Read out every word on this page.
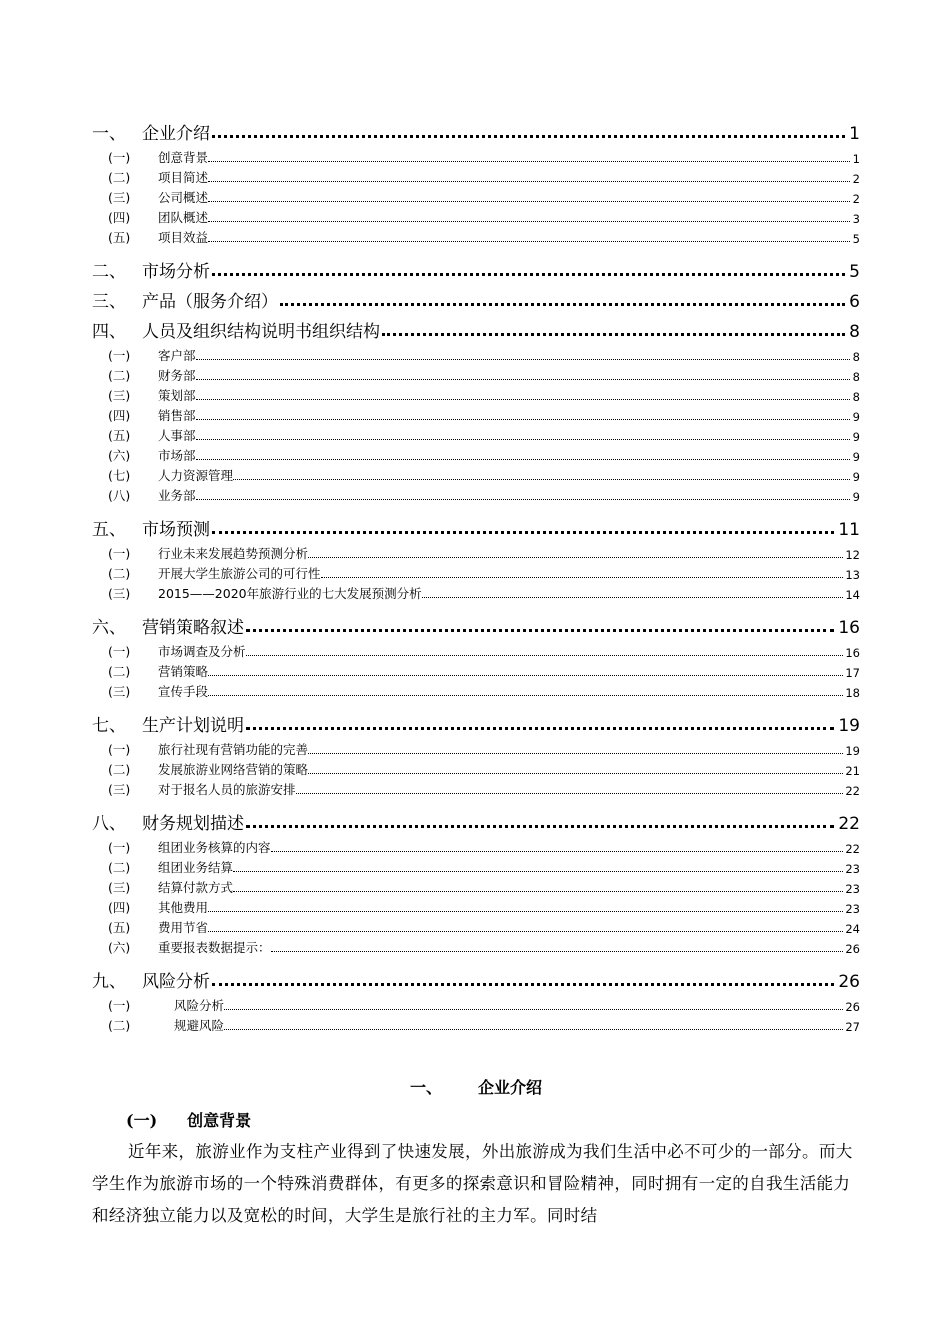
一、 企业介绍	1
(一)	创意背景	1
(二)	项目简述	2
(三)	公司概述	2
(四)	团队概述	3
(五)	项目效益	5
二、 市场分析	5
三、 产品（服务介绍）	6
四、 人员及组织结构说明书组织结构	8
(一)	客户部	8
(二)	财务部	8
(三)	策划部	8
(四)	销售部	9
(五)	人事部	9
(六)	市场部	9
(七)	人力资源管理	9
(八)	业务部	9
五、 市场预测	11
(一)	行业未来发展趋势预测分析	12
(二)	开展大学生旅游公司的可行性	13
(三)	2015——2020年旅游行业的七大发展预测分析	14
六、 营销策略叙述	16
(一)	市场调查及分析	16
(二)	营销策略	17
(三)	宣传手段	18
七、 生产计划说明	19
(一)	旅行社现有营销功能的完善	19
(二)	发展旅游业网络营销的策略	21
(三)	对于报名人员的旅游安排	22
八、 财务规划描述	22
(一)	组团业务核算的内容	22
(二)	组团业务结算	23
(三)	结算付款方式	23
(四)	其他费用	23
(五)	费用节省	24
(六)	重要报表数据提示：	26
九、 风险分析	26
(一)	风险分析	26
(二)	规避风险	27
一、 企业介绍
(一) 创意背景

近年来，旅游业作为支柱产业得到了快速发展，外出旅游成为我们生活中必不可少的一部分。而大学生作为旅游市场的一个特殊消费群体，有更多的探索意识和冒险精神，同时拥有一定的自我生活能力和经济独立能力以及宽松的时间，大学生是旅行社的主力军。同时结
